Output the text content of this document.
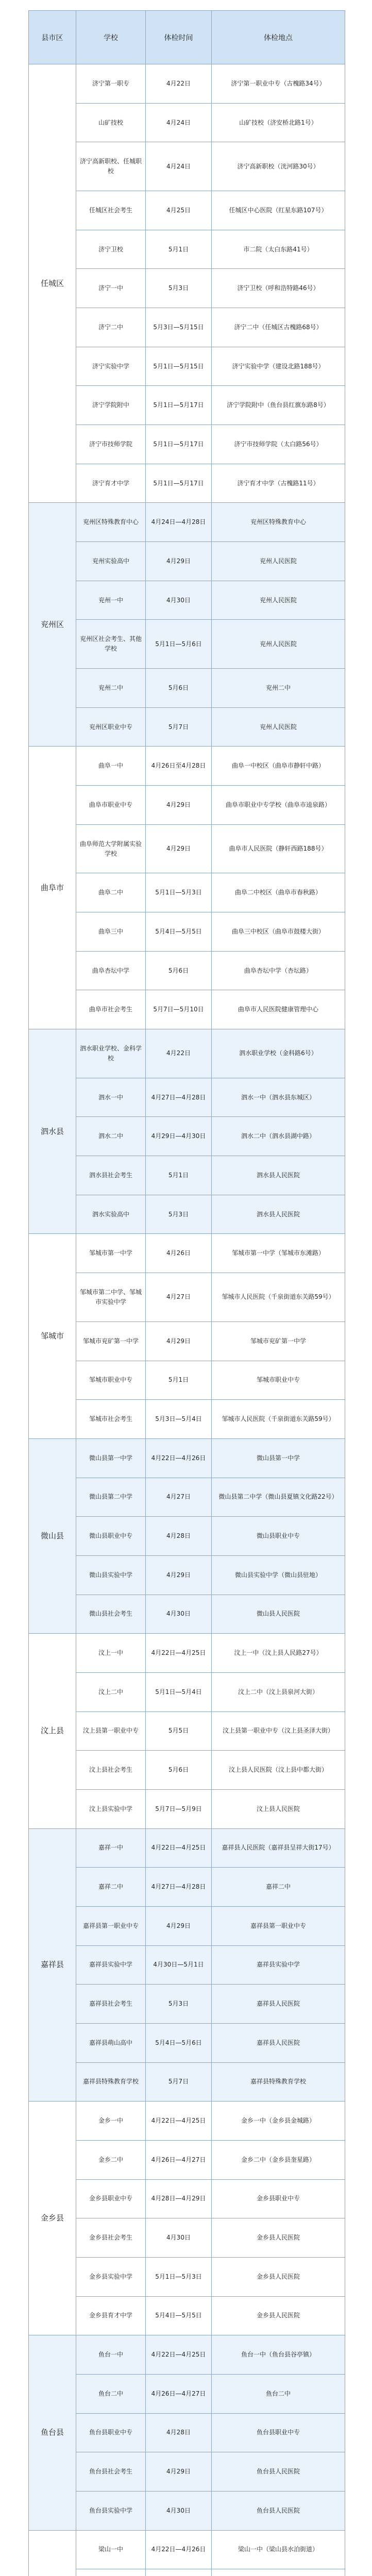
县市区	学校	体检时间	体检地点
任城区	济宁第一职专	4月22日	济宁第一职业中专（古槐路34号）
	山矿技校	4月24日	山矿技校（济安桥北路1号）
	济宁高新职校、任城职校	4月24日	济宁高新职校（洸河路30号）
	任城区社会考生	4月25日	任城区中心医院（红星东路107号）
	济宁卫校	5月1日	市二院（太白东路41号）
	济宁一中	5月3日	济宁卫校（呼和浩特路46号）
	济宁二中	5月3日—5月15日	济宁二中（任城区古槐路68号）
	济宁实验中学	5月1日—5月15日	济宁实验中学（建设北路188号）
	济宁学院附中	5月1日—5月17日	济宁学院附中（鱼台县红旗东路8号）
	济宁市技师学院	5月1日—5月17日	济宁市技师学院（太白路56号）
	济宁育才中学	5月1日—5月17日	济宁育才中学（古槐路11号）
兖州区	兖州区特殊教育中心	4月24日—4月28日	兖州区特殊教育中心
	兖州实验高中	4月29日	兖州人民医院
	兖州一中	4月30日	兖州人民医院
	兖州区社会考生、其他学校	5月1日—5月6日	兖州人民医院
	兖州二中	5月6日	兖州二中
	兖州区职业中专	5月7日	兖州人民医院
曲阜市	曲阜一中	4月26日至4月28日	曲阜一中校区（曲阜市静轩中路）
	曲阜市职业中专	4月29日	曲阜市职业中专学校（曲阜市逵泉路）
	曲阜师范大学附属实验学校	4月29日	曲阜市人民医院（静轩西路188号）
	曲阜二中	5月1日—5月3日	曲阜二中校区（曲阜市春秋路）
	曲阜三中	5月4日—5月5日	曲阜三中校区（曲阜市鼓楼大街）
	曲阜杏坛中学	5月6日	曲阜杏坛中学（杏坛路）
	曲阜市社会考生	5月7日—5月10日	曲阜市人民医院健康管理中心
泗水县	泗水职业学校、金科学校	4月22日	泗水职业学校（金科路6号）
	泗水一中	4月27日—4月28日	泗水一中（泗水县东城区）
	泗水二中	4月29日—4月30日	泗水二中（泗水县湖中路）
	泗水县社会考生	5月1日	泗水县人民医院
	泗水实验高中	5月3日	泗水县人民医院
邹城市	邹城市第一中学	4月26日	邹城市第一中学（邹城市东滩路）
	邹城市第二中学、邹城市实验中学	4月27日	邹城市人民医院（千泉街道东关路59号）
	邹城市兖矿第一中学	4月29日	邹城市兖矿第一中学
	邹城市职业中专	5月1日	邹城市职业中专
	邹城市社会考生	5月3日—5月4日	邹城市人民医院（千泉街道东关路59号）
微山县	微山县第一中学	4月22日—4月26日	微山县第一中学
	微山县第二中学	4月27日	微山县第二中学（微山县夏镇文化路22号）
	微山县职业中专	4月28日	微山县职业中专
	微山县实验中学	4月29日	微山县实验中学（微山县驻地）
	微山县社会考生	4月30日	微山县人民医院
汶上县	汶上一中	4月22日—4月25日	汶上一中（汶上县人民路27号）
	汶上二中	5月1日—5月4日	汶上二中（汶上县泉河大街）
	汶上县第一职业中专	5月5日	汶上县第一职业中专（汶上县圣泽大街）
	汶上县社会考生	5月6日	汶上县人民医院（汶上县中都大街）
	汶上县实验中学	5月7日—5月9日	汶上县人民医院
嘉祥县	嘉祥一中	4月22日—4月25日	嘉祥县人民医院（嘉祥县呈祥大街17号）
	嘉祥二中	4月27日—4月28日	嘉祥二中
	嘉祥县第一职业中专	4月29日	嘉祥县第一职业中专
	嘉祥县实验中学	4月30日—5月1日	嘉祥县实验中学
	嘉祥县社会考生	5月3日	嘉祥县人民医院
	嘉祥县萌山高中	5月4日—5月6日	嘉祥县人民医院
	嘉祥县特殊教育学校	5月7日	嘉祥县特殊教育学校
金乡县	金乡一中	4月22日—4月25日	金乡一中（金乡县金城路）
	金乡二中	4月26日—4月27日	金乡二中（金乡县奎星路）
	金乡县职业中专	4月28日—4月29日	金乡县职业中专
	金乡县社会考生	4月30日	金乡县人民医院
	金乡县实验中学	5月1日—5月3日	金乡县人民医院
	金乡县育才中学	5月4日—5月5日	金乡县人民医院
鱼台县	鱼台一中	4月22日—4月25日	鱼台一中（鱼台县谷亭镇）
	鱼台二中	4月26日—4月27日	鱼台二中
	鱼台县职业中专	4月28日	鱼台县职业中专
	鱼台县社会考生	4月29日	鱼台县人民医院
	鱼台县实验中学	4月30日	鱼台县人民医院
	梁山一中	4月22日—4月26日	梁山一中（梁山县水泊街道）
